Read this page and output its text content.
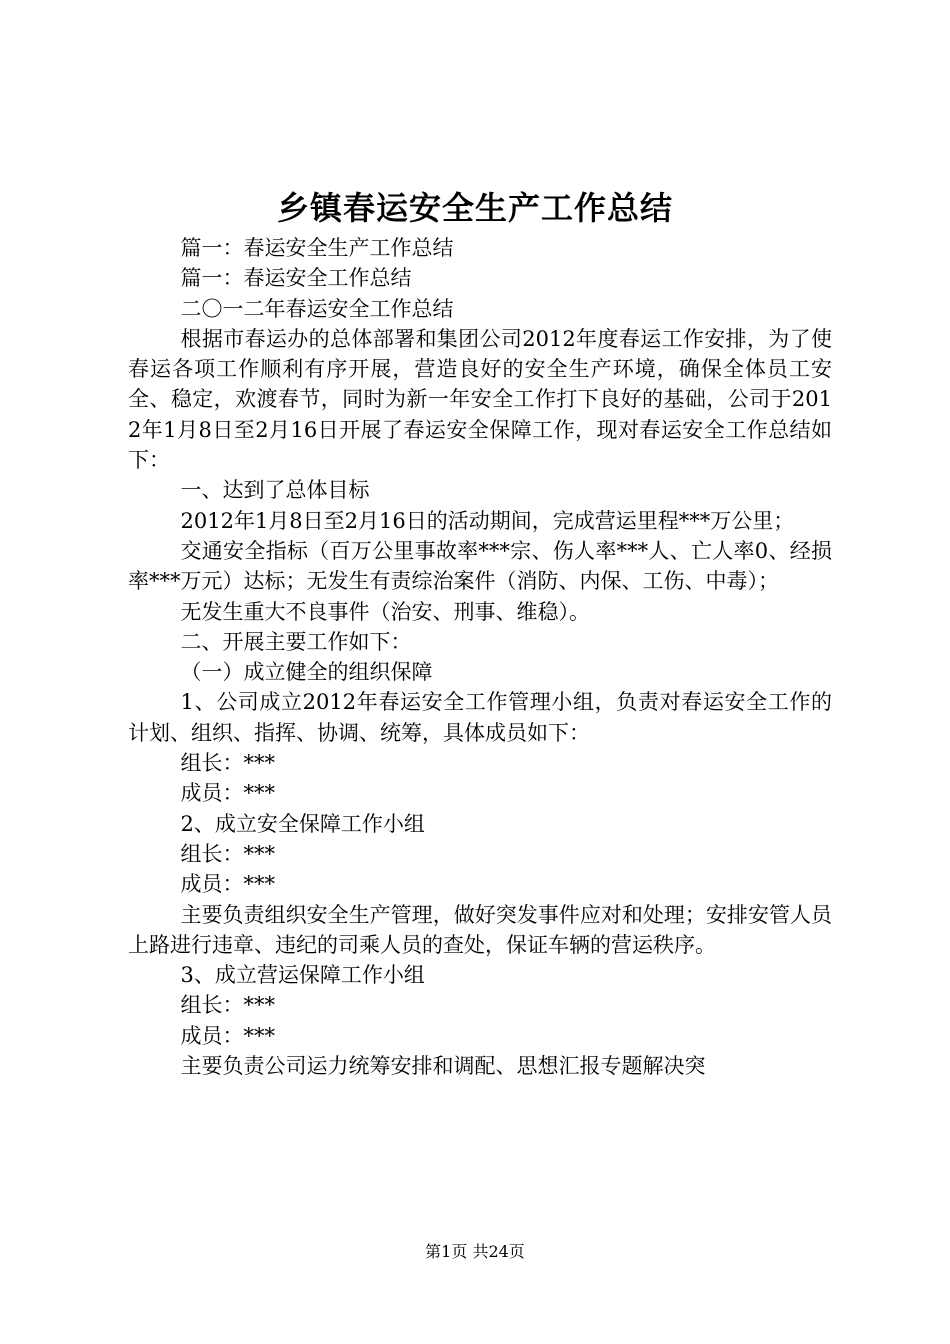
乡镇春运安全生产工作总结

篇一：春运安全生产工作总结

篇一：春运安全工作总结

二〇一二年春运安全工作总结

根据市春运办的总体部署和集团公司2012年度春运工作安排，为了使春运各项工作顺利有序开展，营造良好的安全生产环境，确保全体员工安全、稳定，欢渡春节，同时为新一年安全工作打下良好的基础，公司于2012年1月8日至2月16日开展了春运安全保障工作，现对春运安全工作总结如下：

一、达到了总体目标

2012年1月8日至2月16日的活动期间，完成营运里程***万公里；

交通安全指标（百万公里事故率***宗、伤人率***人、亡人率0、经损率***万元）达标；无发生有责综治案件（消防、内保、工伤、中毒）；

无发生重大不良事件（治安、刑事、维稳）。

二、开展主要工作如下：

（一）成立健全的组织保障

1、公司成立2012年春运安全工作管理小组，负责对春运安全工作的计划、组织、指挥、协调、统筹，具体成员如下：

组长：***

成员：***

2、成立安全保障工作小组

组长：***

成员：***

主要负责组织安全生产管理，做好突发事件应对和处理；安排安管人员上路进行违章、违纪的司乘人员的查处，保证车辆的营运秩序。

3、成立营运保障工作小组

组长：***

成员：***

主要负责公司运力统筹安排和调配、思想汇报专题解决突

第1页 共24页
